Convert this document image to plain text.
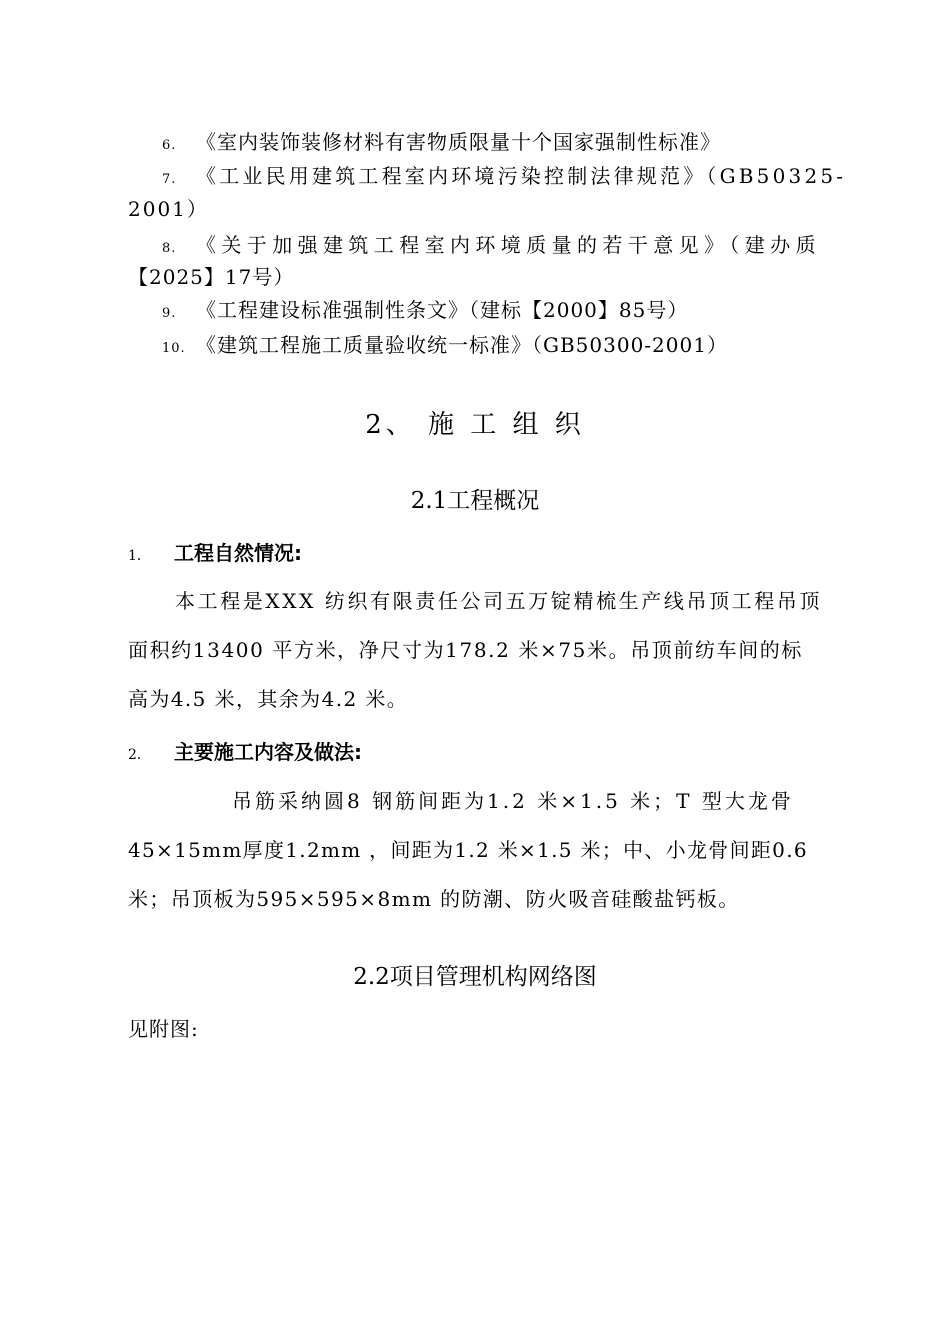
6. 《室内装饰装修材料有害物质限量十个国家强制性标准》
7. 《工业民用建筑工程室内环境污染控制法律规范》（GB50325-
2001）
8. 《关于加强建筑工程室内环境质量的若干意见》（建办质
【2025】17号）
9. 《工程建设标准强制性条文》（建标【2000】85号）
10. 《建筑工程施工质量验收统一标准》（GB50300-2001）
2、 施 工 组 织
2.1工程概况
1． 工程自然情况:
本工程是XXX 纺织有限责任公司五万锭精梳生产线吊顶工程吊顶
面积约13400 平方米，净尺寸为178.2 米×75米。吊顶前纺车间的标
高为4.5 米，其余为4.2 米。
2． 主要施工内容及做法:
吊筋采纳圆8 钢筋间距为1.2 米×1.5 米；T 型大龙骨
45×15mm厚度1.2mm ，间距为1.2 米×1.5 米；中、小龙骨间距0.6
米；吊顶板为595×595×8mm 的防潮、防火吸音硅酸盐钙板。
2.2项目管理机构网络图
见附图:
